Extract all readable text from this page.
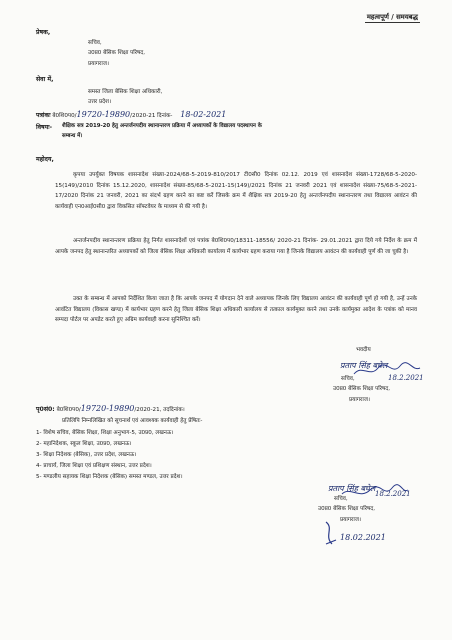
महत्वपूर्ण / समयबद्ध
प्रेषक,
सचिव,
उ0प्र0 बेसिक शिक्षा परिषद,
प्रयागराज।
सेवा में,
समस्त जिला बेसिक शिक्षा अधिकारी,
उत्तर प्रदेश।
पत्रांकः बे0शि0प0/19720-19890/2020-21 दिनांक- 18-02-2021
विषयः- शैक्षिक सत्र 2019-20 हेतु अन्तर्जनपदीय स्थानान्तरण प्रक्रिया में अध्यापकों के विद्यालय पदस्थापन के
सम्बन्ध में।
महोदय,
कृपया उपर्युक्त विषयक शासनादेश संख्या-2024/68-5-2019-810/2017 टी0सी0 दिनांक 02.12. 2019 एवं शासनादेश संख्या-1728/68-5-2020-15(149)/2010 दिनांक 15.12.2020, शासनादेश संख्या-85/68-5-2021-15(149)/2021 दिनांक 21 जनवरी 2021 एवं शासनादेश संख्या-75/68-5-2021-17/2020 दिनांक 21 जनवरी, 2021 का संदर्भ ग्रहण करने का कष्ट करें जिसके क्रम में शैक्षिक सत्र 2019-20 हेतु अन्तर्जनपदीय स्थानान्तरण तथा विद्यालय आवंटन की कार्यवाही एन0आई0सी0 द्वारा विकसित सॉफ्टवेयर के माध्यम से की गयी है।
अन्तर्जनपदीय स्थानान्तरण प्रक्रिया हेतु निर्गत शासनादेशों एवं पत्रांक बे0शि0प0/18311-18556/ 2020-21 दिनांक- 29.01.2021 द्वारा दिये गये निर्देश के क्रम में आपके जनपद हेतु स्थानान्तरित अध्यापकों को जिला बेसिक शिक्षा अधिकारी कार्यालय में कार्यभार ग्रहण कराया गया है जिनके विद्यालय आवंटन की कार्यवाही पूर्ण की जा चुकी है।
उक्त के सम्बन्ध में आपको निर्देशित किया जाता है कि आपके जनपद में योगदान देने वाले अध्यापक जिनके लिए विद्यालय आवंटन की कार्यवाही पूर्ण हो गयी है, उन्हें उनके आवंटित विद्यालय (विकास खण्ड) में कार्यभार ग्रहण करने हेतु जिला बेसिक शिक्षा अधिकारी कार्यालय से तत्काल कार्यमुक्त करने तथा उनके कार्यमुक्त आदेश के पत्रांक को मानव सम्पदा पोर्टल पर अपडेट करते हुए अग्रिम कार्यवाही करना सुनिश्चित करें।
भवदीय
प्रताप सिंह बघेल
18.2.2021
सचिव,
उ0प्र0 बेसिक शिक्षा परिषद,
प्रयागराज।
पृ0सं0: बे0शि0प0/19720-19890/2020-21, तददिनांक।
प्रतिलिपि निम्नलिखित को सूचनार्थ एवं आवश्यक कार्यवाही हेतु प्रेषितः-
1- विशेष सचिव, बेसिक शिक्षा, शिक्षा अनुभाग-5, उ0प्र0, लखनऊ।
2- महानिदेशक, स्कूल शिक्षा, उ0प्र0, लखनऊ।
3- शिक्षा निदेशक (बेसिक), उत्तर प्रदेश, लखनऊ।
4- प्राचार्य, जिला शिक्षा एवं प्रशिक्षण संस्थान, उत्तर प्रदेश।
5- मण्डलीय सहायक शिक्षा निदेशक (बेसिक) समस्त मण्डल, उत्तर प्रदेश।
प्रताप सिंह बघेल
18.2.2021
सचिव,
उ0प्र0 बेसिक शिक्षा परिषद,
प्रयागराज।
18.02.2021
